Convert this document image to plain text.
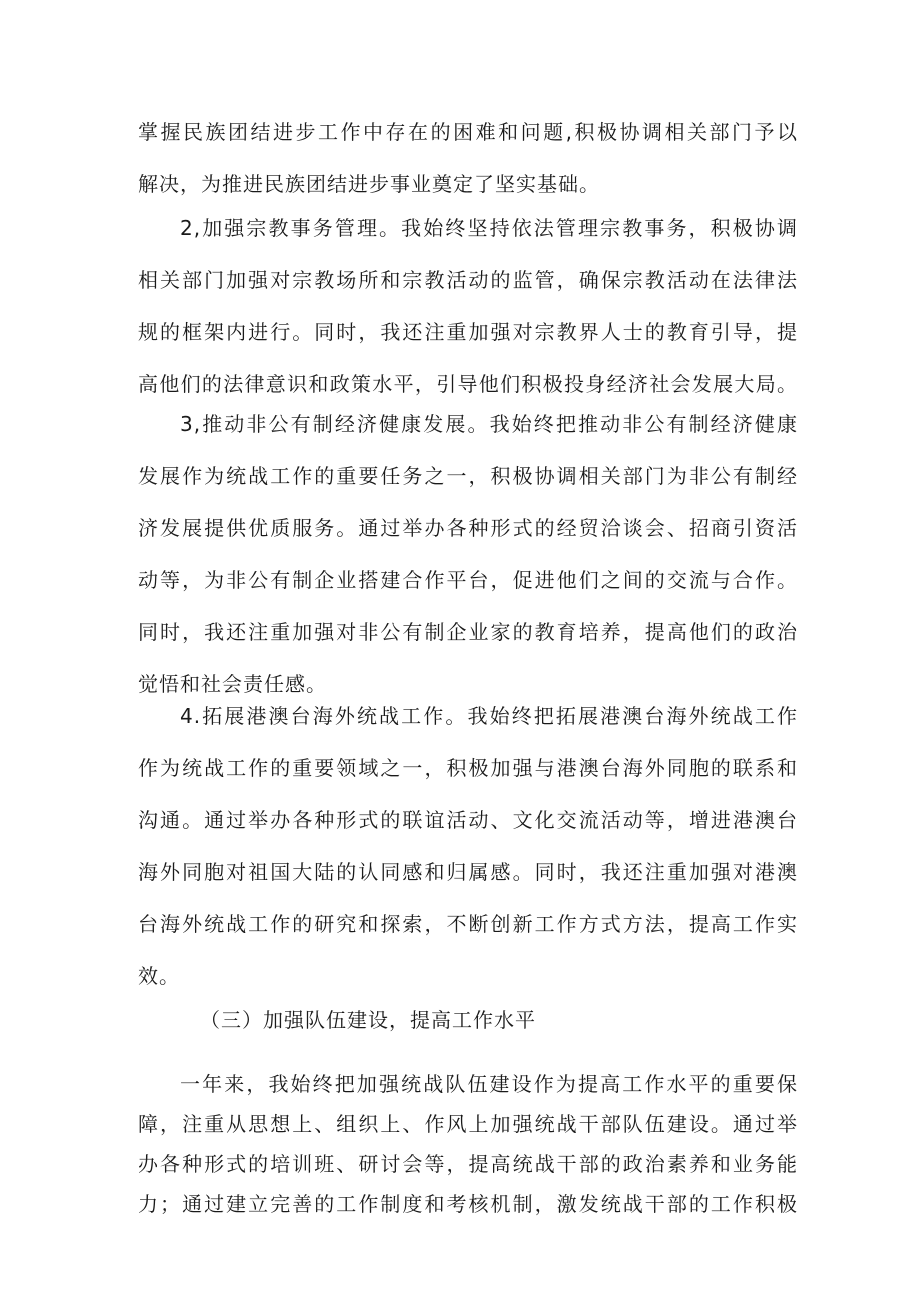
掌握民族团结进步工作中存在的困难和问题,积极协调相关部门予以
解决，为推进民族团结进步事业奠定了坚实基础。
2,加强宗教事务管理。我始终坚持依法管理宗教事务，积极协调
相关部门加强对宗教场所和宗教活动的监管，确保宗教活动在法律法
规的框架内进行。同时，我还注重加强对宗教界人士的教育引导，提
高他们的法律意识和政策水平，引导他们积极投身经济社会发展大局。
3,推动非公有制经济健康发展。我始终把推动非公有制经济健康
发展作为统战工作的重要任务之一，积极协调相关部门为非公有制经
济发展提供优质服务。通过举办各种形式的经贸洽谈会、招商引资活
动等，为非公有制企业搭建合作平台，促进他们之间的交流与合作。
同时，我还注重加强对非公有制企业家的教育培养，提高他们的政治
觉悟和社会责任感。
4.拓展港澳台海外统战工作。我始终把拓展港澳台海外统战工作
作为统战工作的重要领域之一，积极加强与港澳台海外同胞的联系和
沟通。通过举办各种形式的联谊活动、文化交流活动等，增进港澳台
海外同胞对祖国大陆的认同感和归属感。同时，我还注重加强对港澳
台海外统战工作的研究和探索，不断创新工作方式方法，提高工作实
效。
（三）加强队伍建设，提高工作水平
一年来，我始终把加强统战队伍建设作为提高工作水平的重要保
障，注重从思想上、组织上、作风上加强统战干部队伍建设。通过举
办各种形式的培训班、研讨会等，提高统战干部的政治素养和业务能
力；通过建立完善的工作制度和考核机制，激发统战干部的工作积极
